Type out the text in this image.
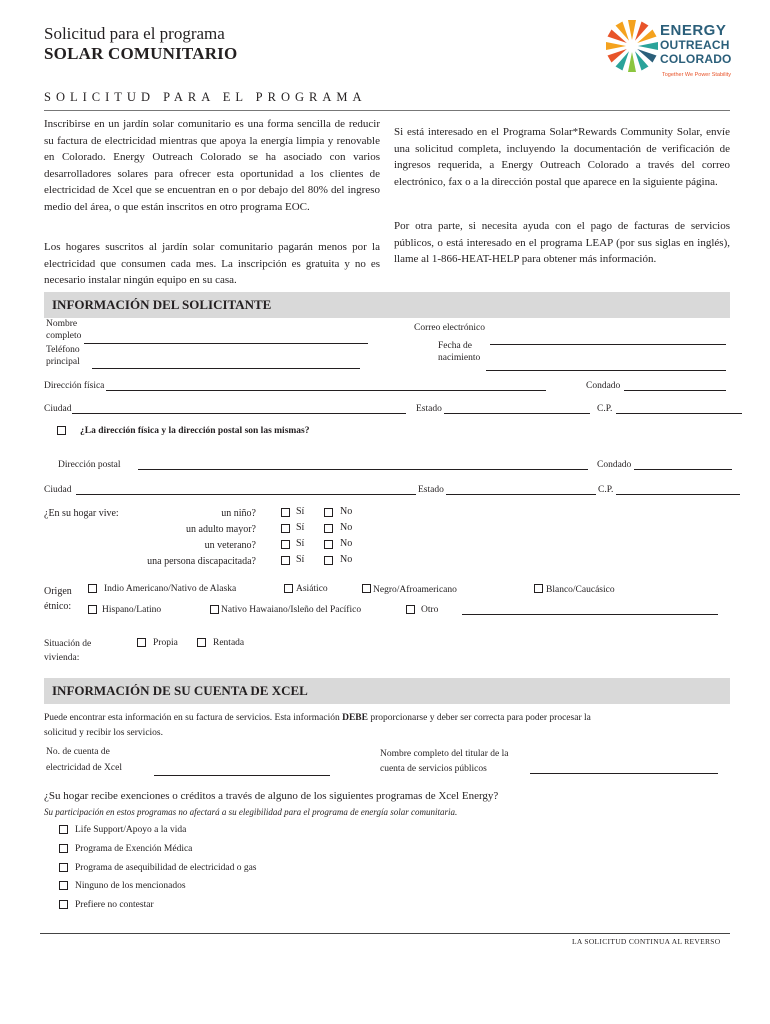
Solicitud para el programa
SOLAR COMUNITARIO
ENERGY
OUTREACH
COLORADO
Together We Power Stability
SOLICITUD PARA EL PROGRAMA
Inscribirse en un jardín solar comunitario es una forma sencilla de reducir su factura de electricidad mientras que apoya la energía limpia y renovable en Colorado. Energy Outreach Colorado se ha asociado con varios desarrolladores solares para ofrecer esta oportunidad a los clientes de electricidad de Xcel que se encuentran en o por debajo del 80% del ingreso medio del área, o que están inscritos en otro programa EOC.
Los hogares suscritos al jardín solar comunitario pagarán menos por la electricidad que consumen cada mes. La inscripción es gratuita y no es necesario instalar ningún equipo en su casa.
Si está interesado en el Programa Solar*Rewards Community Solar, envíe una solicitud completa, incluyendo la documentación de verificación de ingresos requerida, a Energy Outreach Colorado a través del correo electrónico, fax o a la dirección postal que aparece en la siguiente página.
Por otra parte, si necesita ayuda con el pago de facturas de servicios públicos, o está interesado en el programa LEAP (por sus siglas en inglés), llame al 1-866-HEAT-HELP para obtener más información.
INFORMACIÓN DEL SOLICITANTE
Nombre completo
Teléfono principal
Correo electrónico
Fecha de nacimiento
Dirección física	Condado
Ciudad	Estado	C.P.
¿La dirección física y la dirección postal son las mismas?
Dirección postal	Condado
Ciudad	Estado	C.P.
¿En su hogar vive:	un niño?	Sí	No
un adulto mayor?	Sí	No
un veterano?	Sí	No
una persona discapacitada?	Sí	No
Origen
étnico:
Indio Americano/Nativo de Alaska	Asiático	Negro/Afroamericano	Blanco/Caucásico
Hispano/Latino	Nativo Hawaiano/Isleño del Pacífico	Otro
Situación de
vivienda:
Propia	Rentada
INFORMACIÓN DE SU CUENTA DE XCEL
Puede encontrar esta información en su factura de servicios. Esta información DEBE proporcionarse y deber ser correcta para poder procesar la
solicitud y recibir los servicios.
No. de cuenta de
electricidad de Xcel
Nombre completo del titular de la
cuenta de servicios públicos
¿Su hogar recibe exenciones o créditos a través de alguno de los siguientes programas de Xcel Energy?
Su participación en estos programas no afectará a su elegibilidad para el programa de energía solar comunitaria.
Life Support/Apoyo a la vida
Programa de Exención Médica
Programa de asequibilidad de electricidad o gas
Ninguno de los mencionados
Prefiere no contestar
LA SOLICITUD CONTINUA AL REVERSO
